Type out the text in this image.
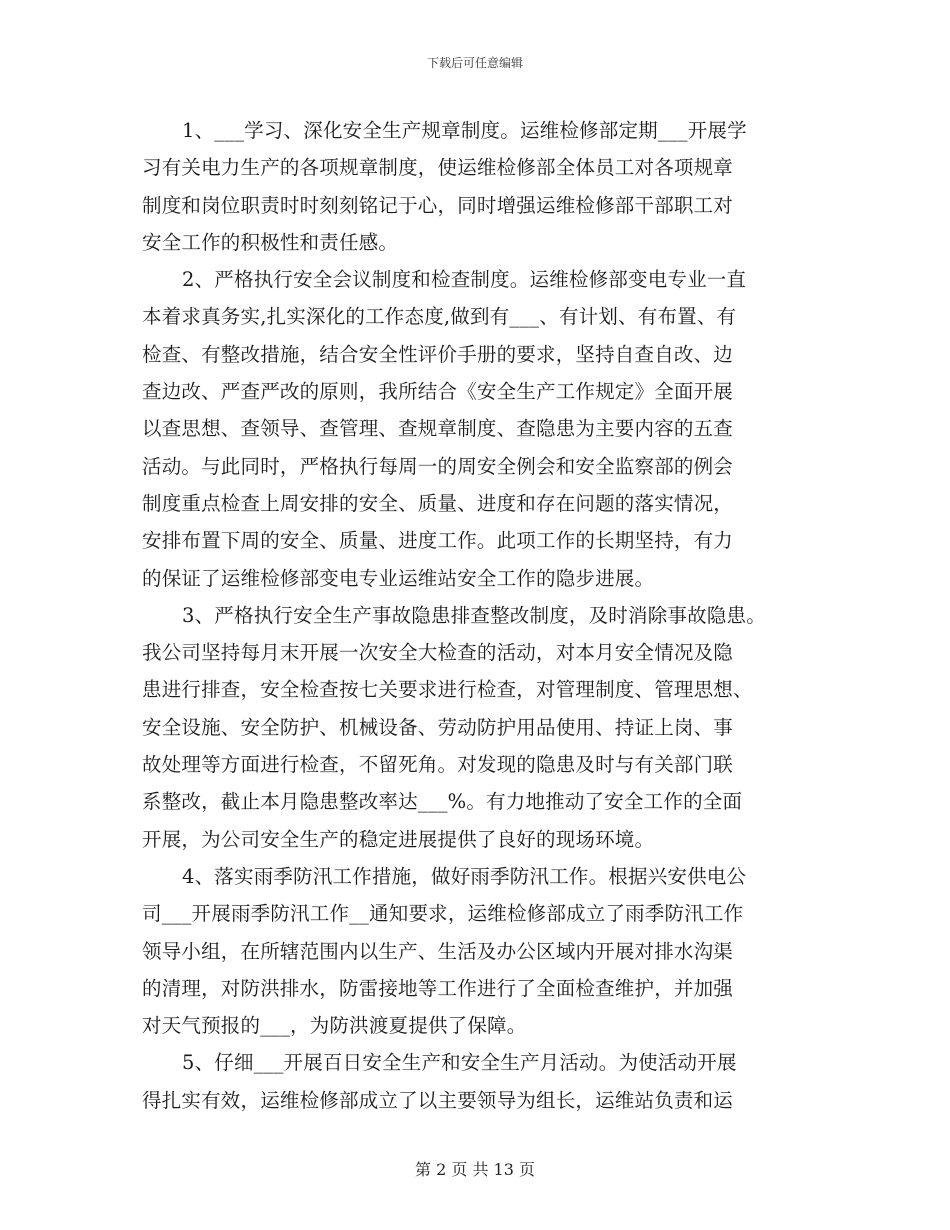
下载后可任意编辑
1、___学习、深化安全生产规章制度。运维检修部定期___开展学
习有关电力生产的各项规章制度，使运维检修部全体员工对各项规章
制度和岗位职责时时刻刻铭记于心，同时增强运维检修部干部职工对
安全工作的积极性和责任感。
2、严格执行安全会议制度和检查制度。运维检修部变电专业一直
本着求真务实,扎实深化的工作态度,做到有___、有计划、有布置、有
检查、有整改措施，结合安全性评价手册的要求，坚持自查自改、边
查边改、严查严改的原则，我所结合《安全生产工作规定》全面开展
以查思想、查领导、查管理、查规章制度、查隐患为主要内容的五查
活动。与此同时，严格执行每周一的周安全例会和安全监察部的例会
制度重点检查上周安排的安全、质量、进度和存在问题的落实情况，
安排布置下周的安全、质量、进度工作。此项工作的长期坚持，有力
的保证了运维检修部变电专业运维站安全工作的隐步进展。
3、严格执行安全生产事故隐患排查整改制度，及时消除事故隐患。
我公司坚持每月末开展一次安全大检查的活动，对本月安全情况及隐
患进行排查，安全检查按七关要求进行检查，对管理制度、管理思想、
安全设施、安全防护、机械设备、劳动防护用品使用、持证上岗、事
故处理等方面进行检查，不留死角。对发现的隐患及时与有关部门联
系整改，截止本月隐患整改率达___%。有力地推动了安全工作的全面
开展，为公司安全生产的稳定进展提供了良好的现场环境。
4、落实雨季防汛工作措施，做好雨季防汛工作。根据兴安供电公
司___开展雨季防汛工作__通知要求，运维检修部成立了雨季防汛工作
领导小组，在所辖范围内以生产、生活及办公区域内开展对排水沟渠
的清理，对防洪排水，防雷接地等工作进行了全面检查维护，并加强
对天气预报的___，为防洪渡夏提供了保障。
5、仔细___开展百日安全生产和安全生产月活动。为使活动开展
得扎实有效，运维检修部成立了以主要领导为组长，运维站负责和运
第 2 页 共 13 页
